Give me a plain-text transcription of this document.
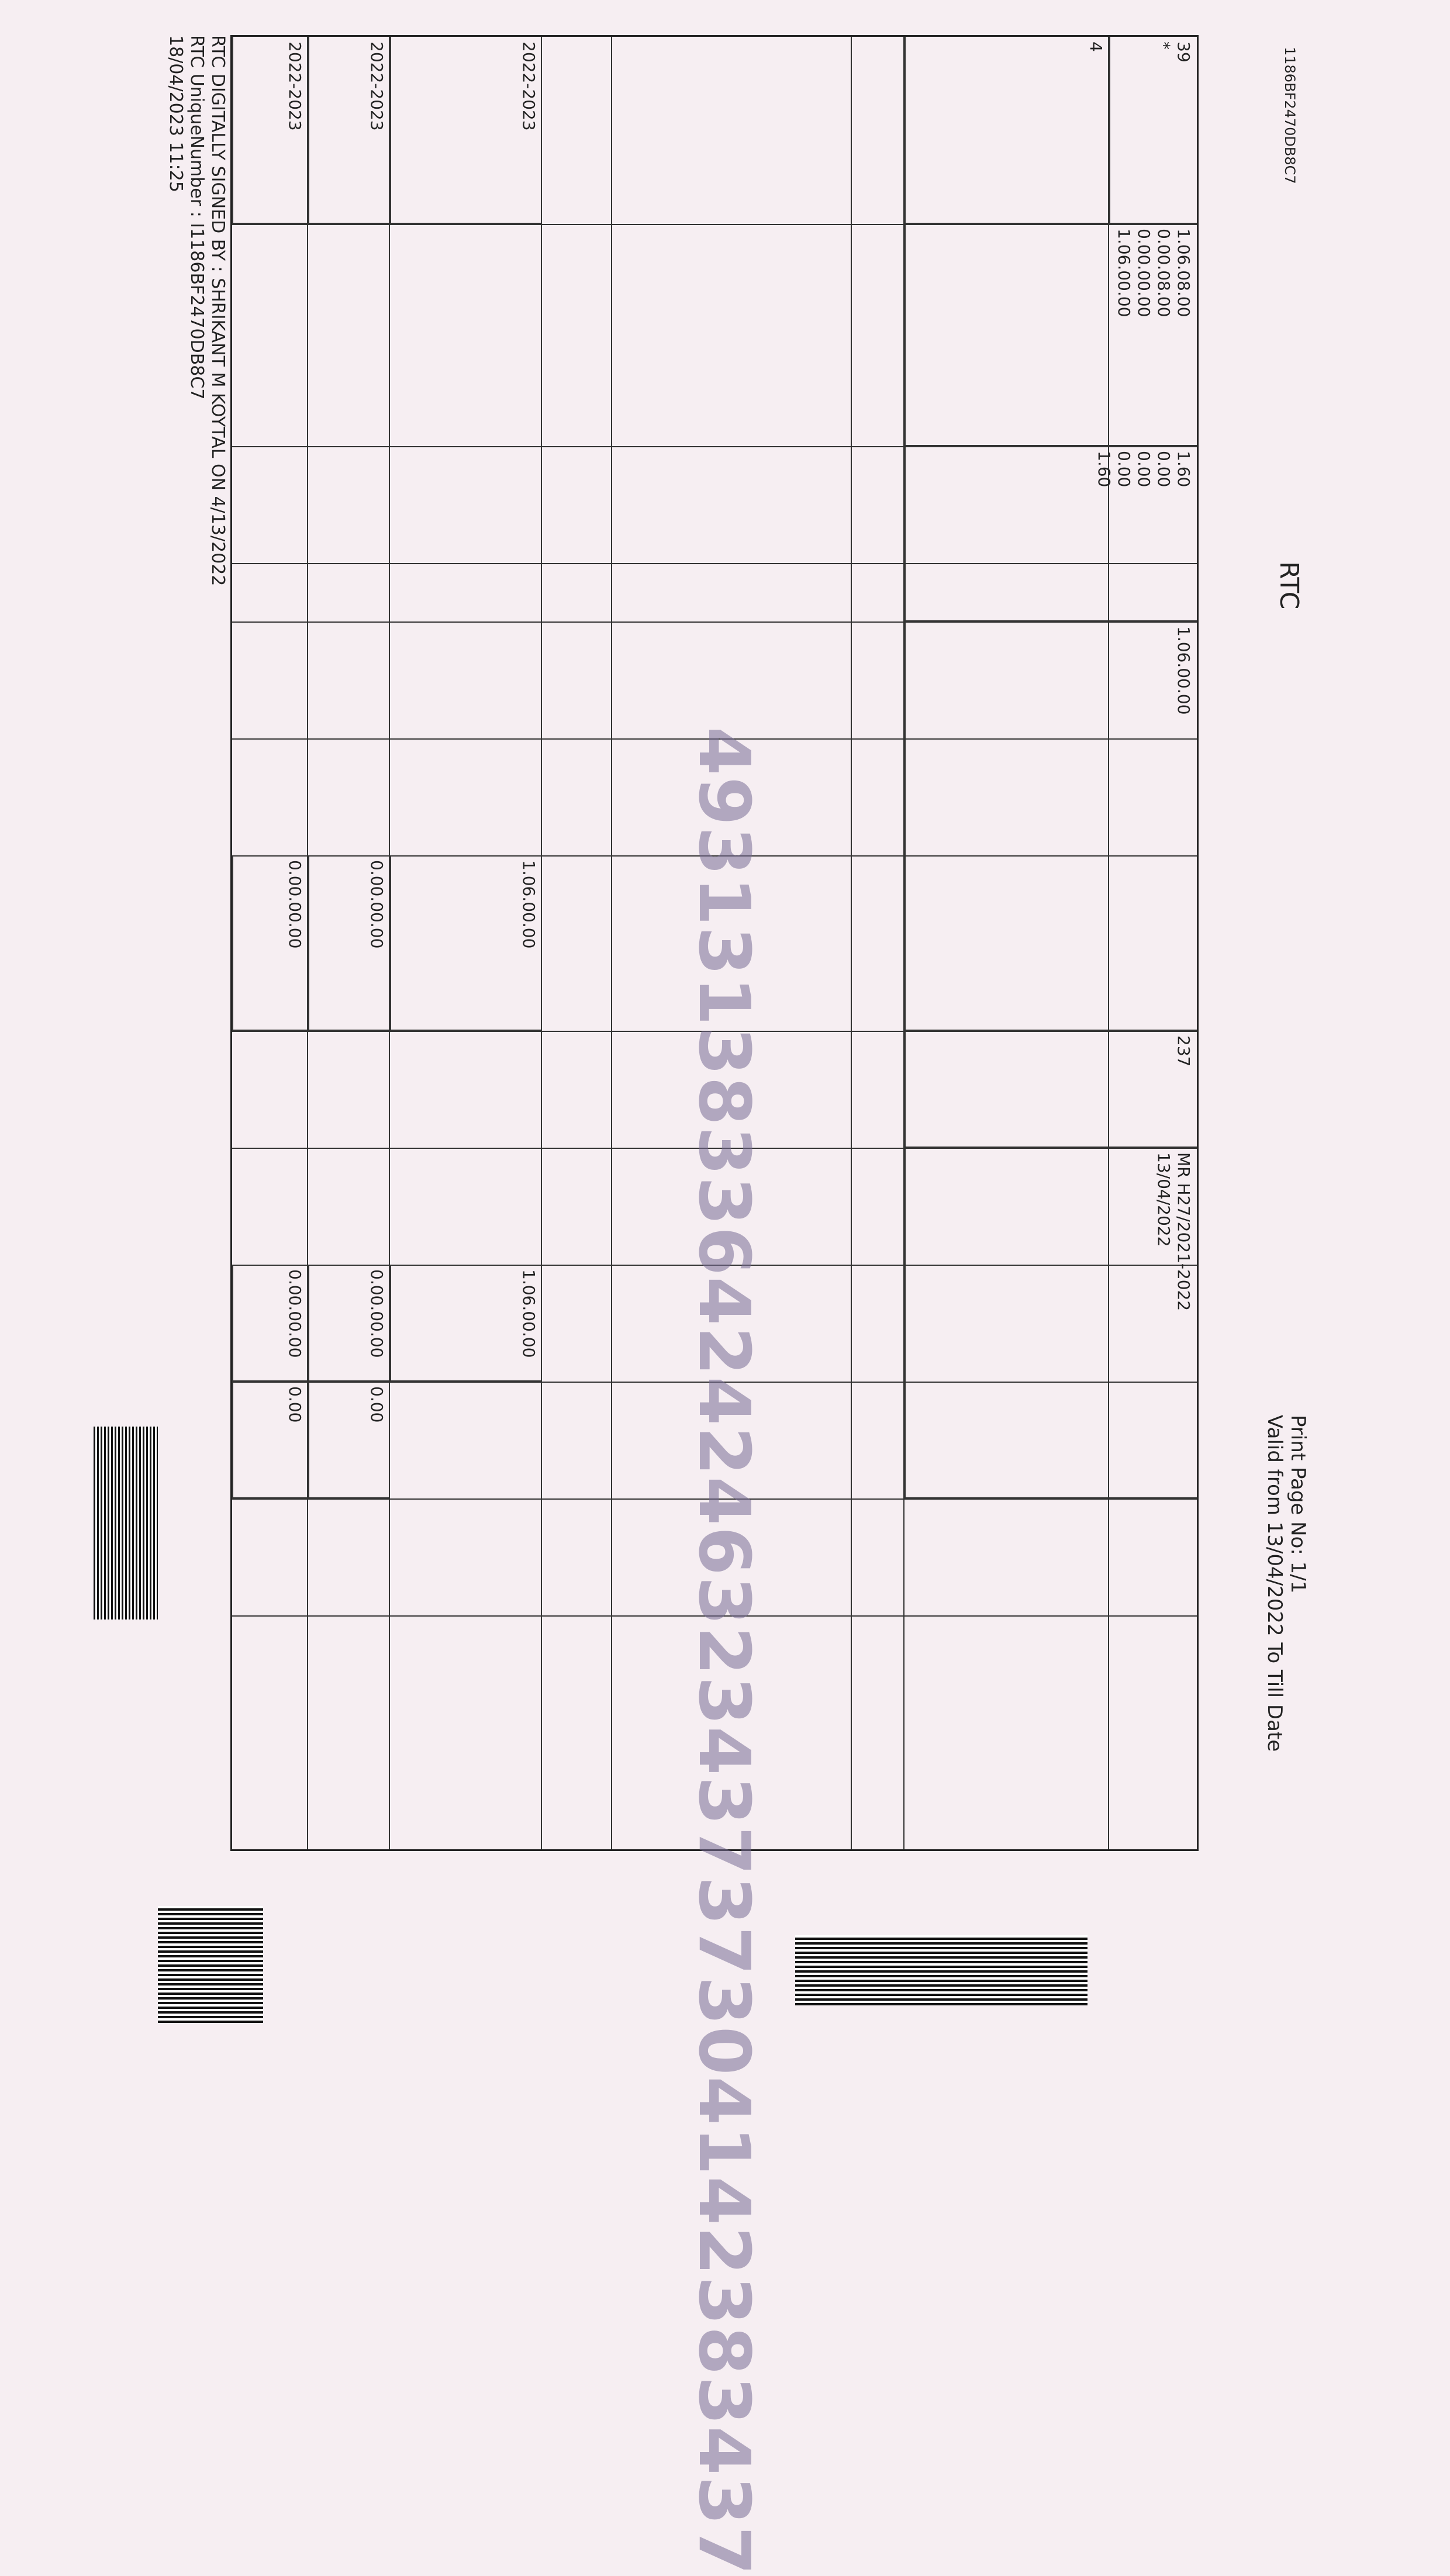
1186BF2470DB8C7
RTC
Print Page No: 1/1
Valid from 13/04/2022 To Till Date
39
*
4
1.06.08.00
0.00.08.00
0.00.00.00
1.06.00.00
1.60
0.00
0.00
0.00
1.60
1.06.00.00
237
MR H27/2021-2022
13/04/2022
2022-2023
2022-2023
2022-2023
1.06.00.00
0.00.00.00
0.00.00.00
1.06.00.00
0.00.00.00
0.00.00.00
0.00
0.00	4931313833642424632343737304142383437
RTC DIGITALLY SIGNED BY : SHRIKANT M KOYTAL ON 4/13/2022
RTC UniqueNumber : I1186BF2470DB8C7
18/04/2023 11:25
